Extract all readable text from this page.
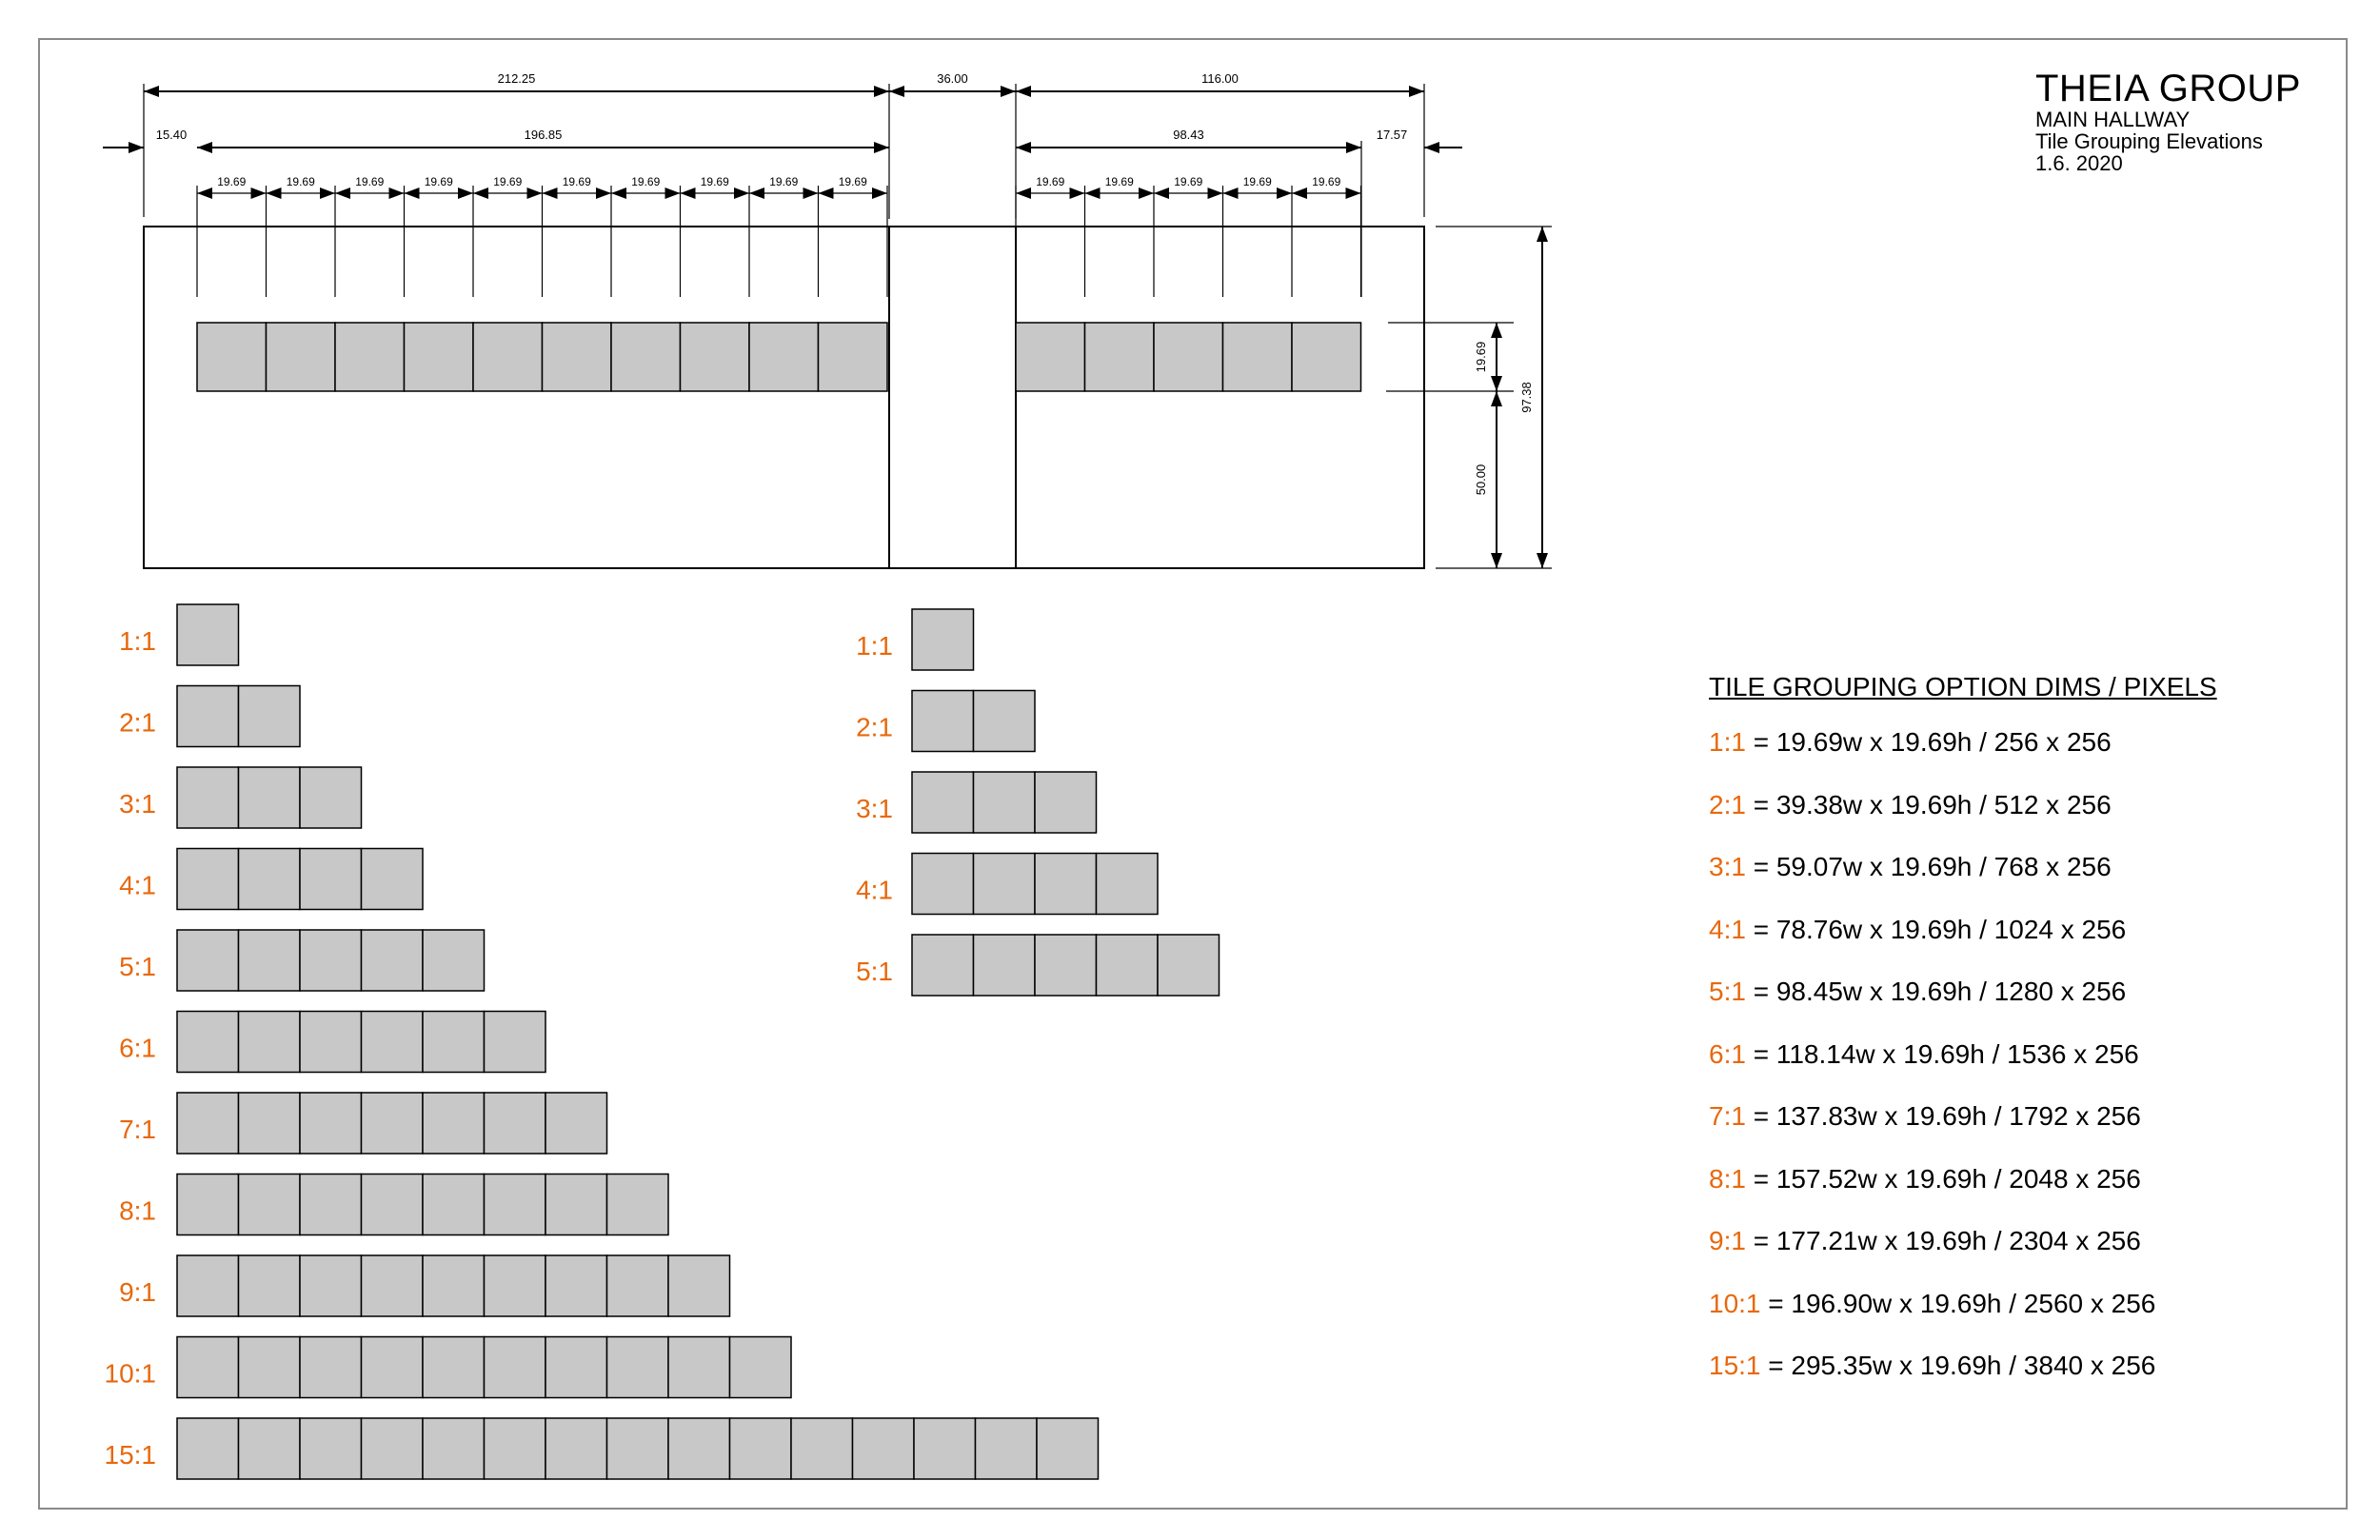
212.25	36.00	116.00
15.40	196.85	98.43	17.57
19.69	19.69	19.69	19.69	19.69	19.69	19.69	19.69	19.69	19.69	19.69	19.69	19.69	19.69	19.69
19.69
50.00
97.38
1:1
2:1
3:1
4:1
5:1
6:1
7:1
8:1
9:1
10:1
15:1
1:1
2:1
3:1
4:1
5:1
THEIA GROUP
MAIN HALLWAY
Tile Grouping Elevations
1.6. 2020
TILE GROUPING OPTION DIMS / PIXELS
1:1 = 19.69w x 19.69h / 256 x 256
2:1 = 39.38w x 19.69h / 512 x 256
3:1 = 59.07w x 19.69h / 768 x 256
4:1 = 78.76w x 19.69h / 1024 x 256
5:1 = 98.45w x 19.69h / 1280 x 256
6:1 = 118.14w x 19.69h / 1536 x 256
7:1 = 137.83w x 19.69h / 1792 x 256
8:1 = 157.52w x 19.69h / 2048 x 256
9:1 = 177.21w x 19.69h / 2304 x 256
10:1 = 196.90w x 19.69h / 2560 x 256
15:1 = 295.35w x 19.69h / 3840 x 256
